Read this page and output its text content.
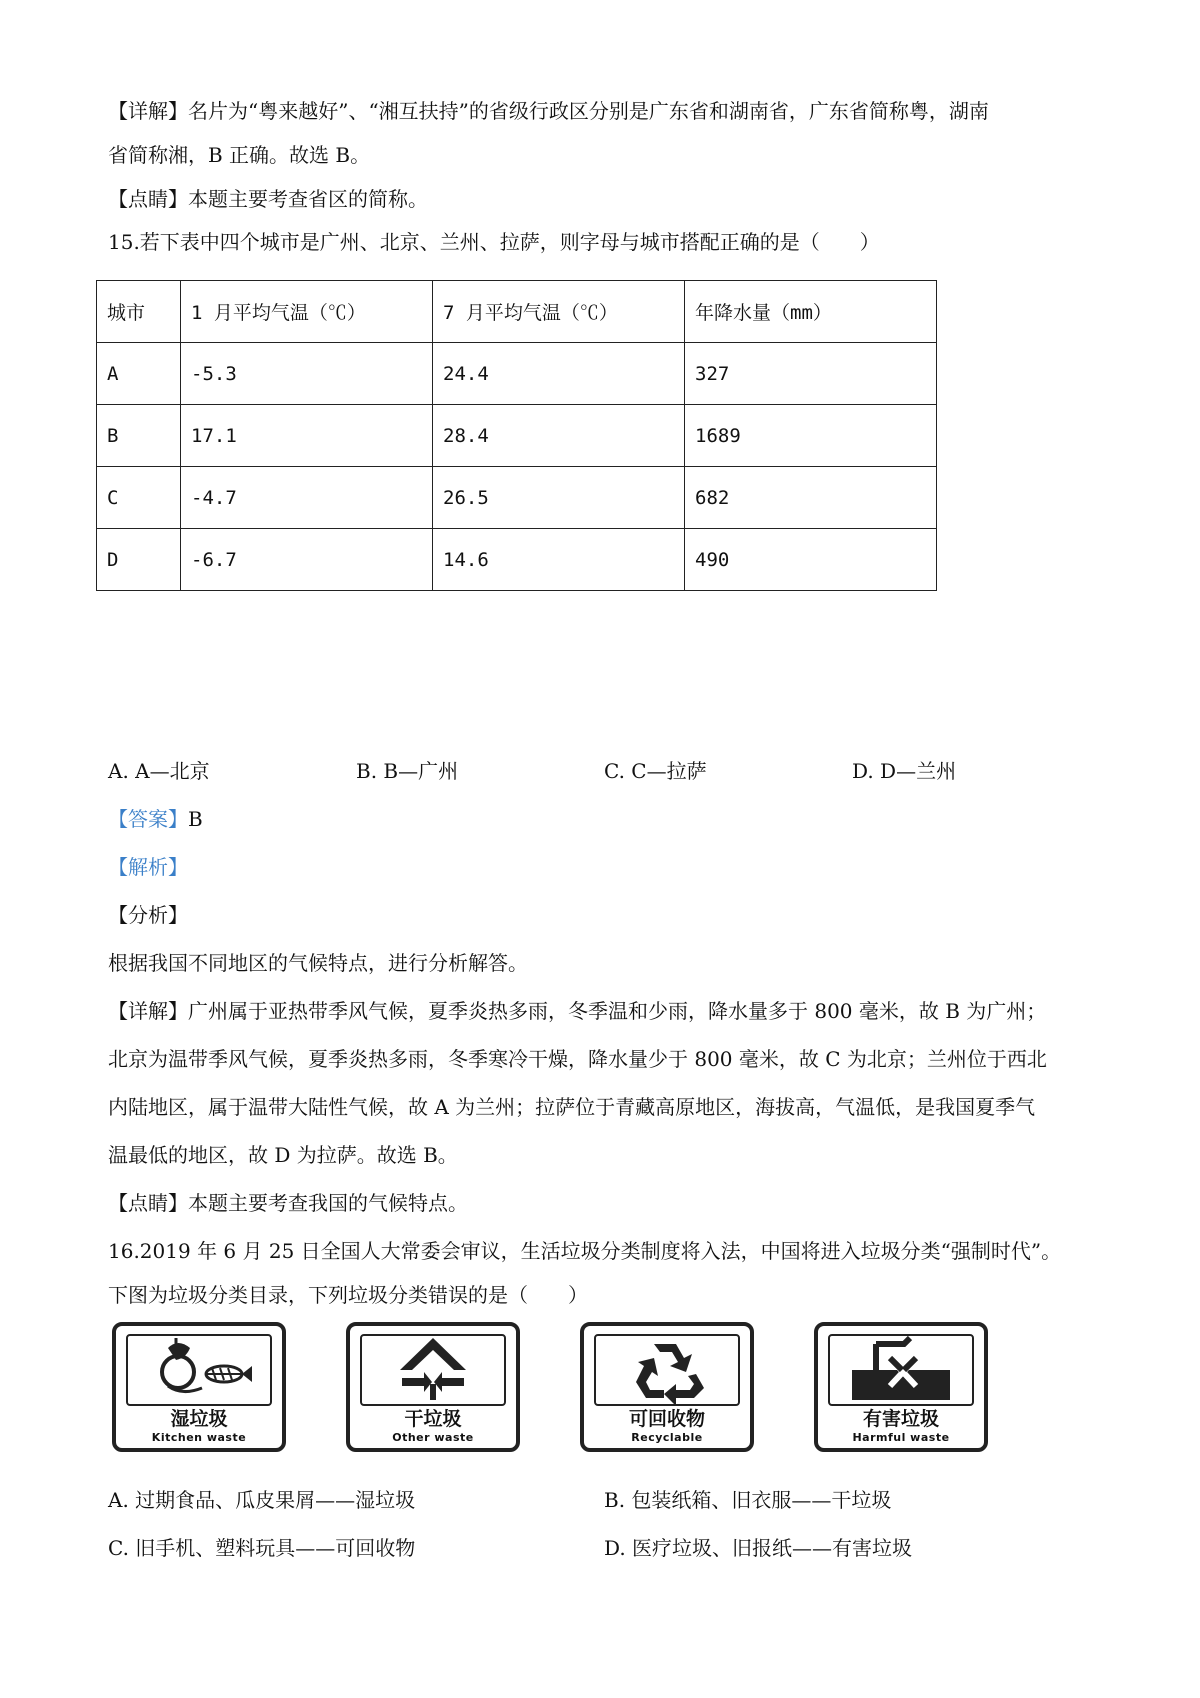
【详解】名片为“粤来越好”、“湘互扶持”的省级行政区分别是广东省和湖南省，广东省简称粤，湖南
省简称湘，B 正确。故选 B。
【点睛】本题主要考查省区的简称。
15.若下表中四个城市是广州、北京、兰州、拉萨，则字母与城市搭配正确的是（　　）
城市	1 月平均气温（℃）	7 月平均气温（℃）	年降水量（mm）
A	-5.3	24.4	327
B	17.1	28.4	1689
C	-4.7	26.5	682
D	-6.7	14.6	490
A. A—北京	B. B—广州	C. C—拉萨	D. D—兰州
【答案】B
【解析】
【分析】
根据我国不同地区的气候特点，进行分析解答。
【详解】广州属于亚热带季风气候，夏季炎热多雨，冬季温和少雨，降水量多于 800 毫米，故 B 为广州；
北京为温带季风气候，夏季炎热多雨，冬季寒冷干燥，降水量少于 800 毫米，故 C 为北京；兰州位于西北
内陆地区，属于温带大陆性气候，故 A 为兰州；拉萨位于青藏高原地区，海拔高，气温低，是我国夏季气
温最低的地区，故 D 为拉萨。故选 B。
【点睛】本题主要考查我国的气候特点。
16.2019 年 6 月 25 日全国人大常委会审议，生活垃圾分类制度将入法，中国将进入垃圾分类“强制时代”。
下图为垃圾分类目录，下列垃圾分类错误的是（　　）
湿垃圾
Kitchen waste
干垃圾
Other waste
可回收物
Recyclable
有害垃圾
Harmful waste
A. 过期食品、瓜皮果屑——湿垃圾	B. 包装纸箱、旧衣服——干垃圾
C. 旧手机、塑料玩具——可回收物	D. 医疗垃圾、旧报纸——有害垃圾
